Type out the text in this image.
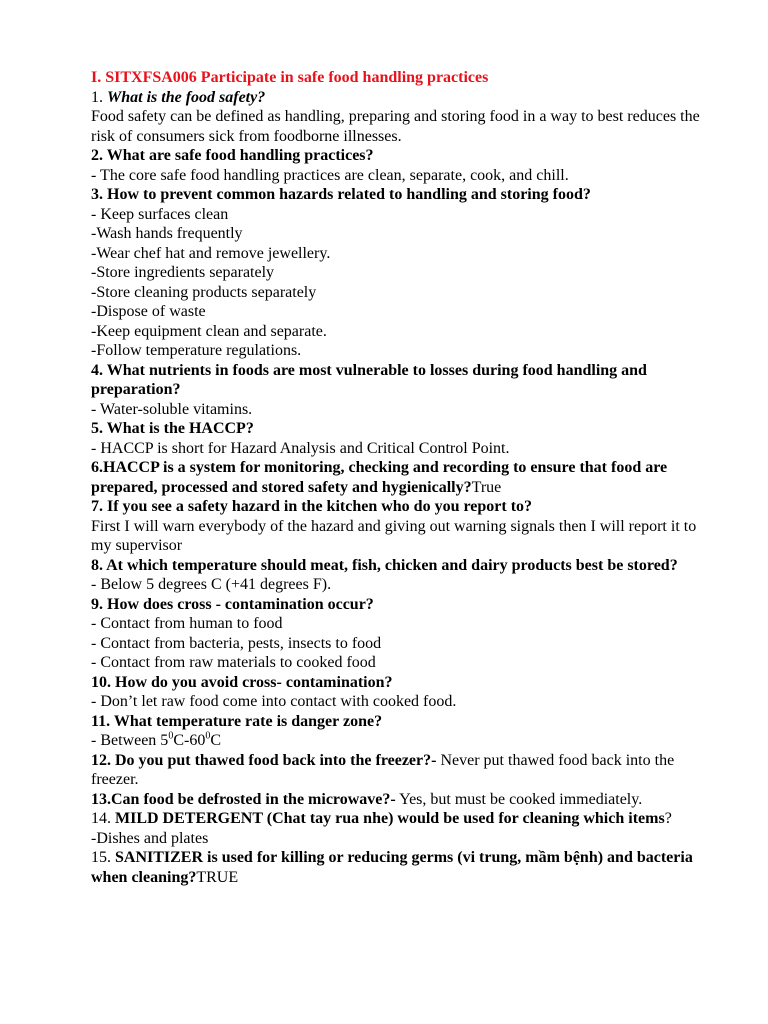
I. SITXFSA006 Participate in safe food handling practices
1. What is the food safety?
Food safety can be defined as handling, preparing and storing food in a way to best reduces the risk of consumers sick from foodborne illnesses.
2. What are safe food handling practices?
- The core safe food handling practices are clean, separate, cook, and chill.
3. How to prevent common hazards related to handling and storing food?
- Keep surfaces clean
-Wash hands frequently
-Wear chef hat and remove jewellery.
-Store ingredients separately
-Store cleaning products separately
-Dispose of waste
-Keep equipment clean and separate.
-Follow temperature regulations.
4. What nutrients in foods are most vulnerable to losses during food handling and preparation?
- Water-soluble vitamins.
5. What is the HACCP?
- HACCP is short for Hazard Analysis and Critical Control Point.
6.HACCP is a system for monitoring, checking and recording to ensure that food are prepared, processed and stored safety and hygienically?True
7. If you see a safety hazard in the kitchen who do you report to?
First I will warn everybody of the hazard and giving out warning signals then I will report it to my supervisor
8. At which temperature should meat, fish, chicken and dairy products best be stored?
- Below 5 degrees C (+41 degrees F).
9. How does cross - contamination occur?
- Contact from human to food
- Contact from bacteria, pests, insects to food
- Contact from raw materials to cooked food
10. How do you avoid cross- contamination?
- Don’t let raw food come into contact with cooked food.
11. What temperature rate is danger zone?
- Between $5^0C-60^0C$
12. Do you put thawed food back into the freezer?- Never put thawed food back into the freezer.
13.Can food be defrosted in the microwave?- Yes, but must be cooked immediately.
14. MILD DETERGENT (Chat tay rua nhe) would be used for cleaning which items?
-Dishes and plates
15. SANITIZER is used for killing or reducing germs (vi trung, mầm bệnh) and bacteria when cleaning?TRUE
